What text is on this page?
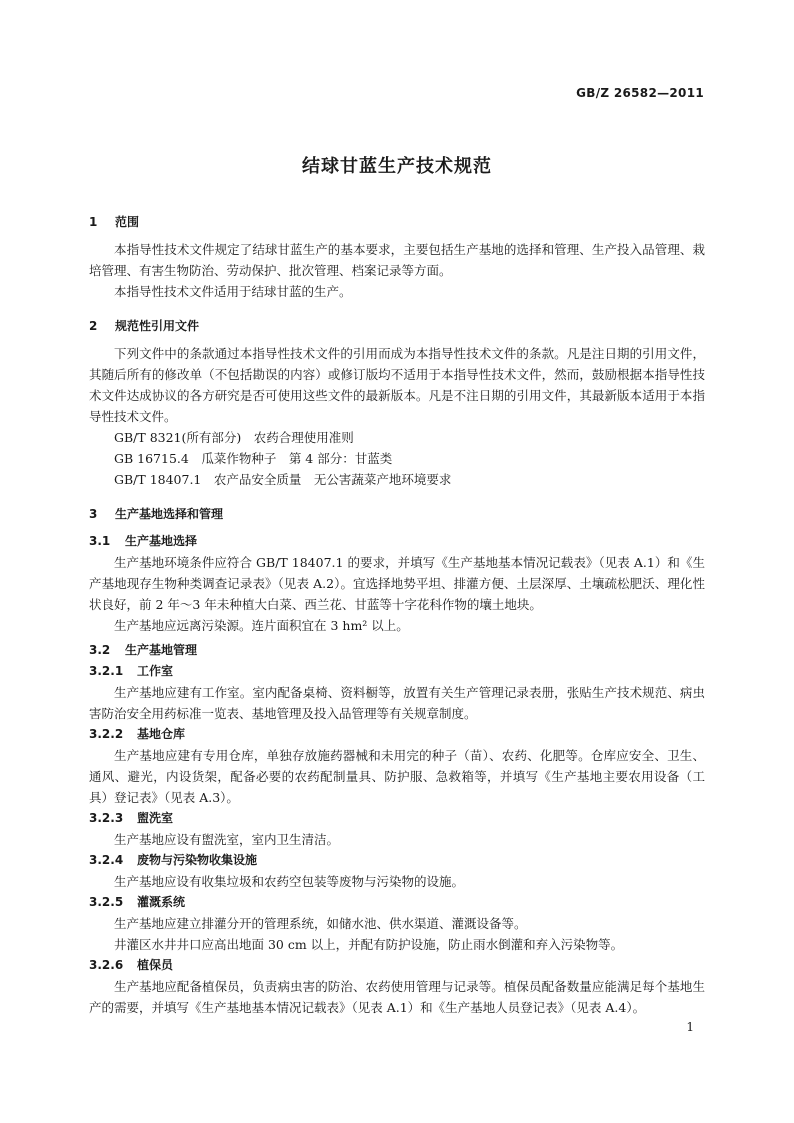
GB/Z 26582—2011
结球甘蓝生产技术规范
1 范围
本指导性技术文件规定了结球甘蓝生产的基本要求，主要包括生产基地的选择和管理、生产投入品管理、栽培管理、有害生物防治、劳动保护、批次管理、档案记录等方面。
本指导性技术文件适用于结球甘蓝的生产。
2 规范性引用文件
下列文件中的条款通过本指导性技术文件的引用而成为本指导性技术文件的条款。凡是注日期的引用文件，其随后所有的修改单（不包括勘误的内容）或修订版均不适用于本指导性技术文件，然而，鼓励根据本指导性技术文件达成协议的各方研究是否可使用这些文件的最新版本。凡是不注日期的引用文件，其最新版本适用于本指导性技术文件。
GB/T 8321(所有部分)　农药合理使用准则
GB 16715.4　瓜菜作物种子　第 4 部分：甘蓝类
GB/T 18407.1　农产品安全质量　无公害蔬菜产地环境要求
3 生产基地选择和管理
3.1 生产基地选择
生产基地环境条件应符合 GB/T 18407.1 的要求，并填写《生产基地基本情况记载表》（见表 A.1）和《生产基地现存生物种类调查记录表》（见表 A.2）。宜选择地势平坦、排灌方便、土层深厚、土壤疏松肥沃、理化性状良好，前 2 年～3 年未种植大白菜、西兰花、甘蓝等十字花科作物的壤土地块。
生产基地应远离污染源。连片面积宜在 3 hm² 以上。
3.2 生产基地管理
3.2.1 工作室
生产基地应建有工作室。室内配备桌椅、资料橱等，放置有关生产管理记录表册，张贴生产技术规范、病虫害防治安全用药标准一览表、基地管理及投入品管理等有关规章制度。
3.2.2 基地仓库
生产基地应建有专用仓库，单独存放施药器械和未用完的种子（苗）、农药、化肥等。仓库应安全、卫生、通风、避光，内设货架，配备必要的农药配制量具、防护服、急救箱等，并填写《生产基地主要农用设备（工具）登记表》（见表 A.3）。
3.2.3 盥洗室
生产基地应设有盥洗室，室内卫生清洁。
3.2.4 废物与污染物收集设施
生产基地应设有收集垃圾和农药空包装等废物与污染物的设施。
3.2.5 灌溉系统
生产基地应建立排灌分开的管理系统，如储水池、供水渠道、灌溉设备等。
井灌区水井井口应高出地面 30 cm 以上，并配有防护设施，防止雨水倒灌和弃入污染物等。
3.2.6 植保员
生产基地应配备植保员，负责病虫害的防治、农药使用管理与记录等。植保员配备数量应能满足每个基地生产的需要，并填写《生产基地基本情况记载表》（见表 A.1）和《生产基地人员登记表》（见表 A.4）。
1
